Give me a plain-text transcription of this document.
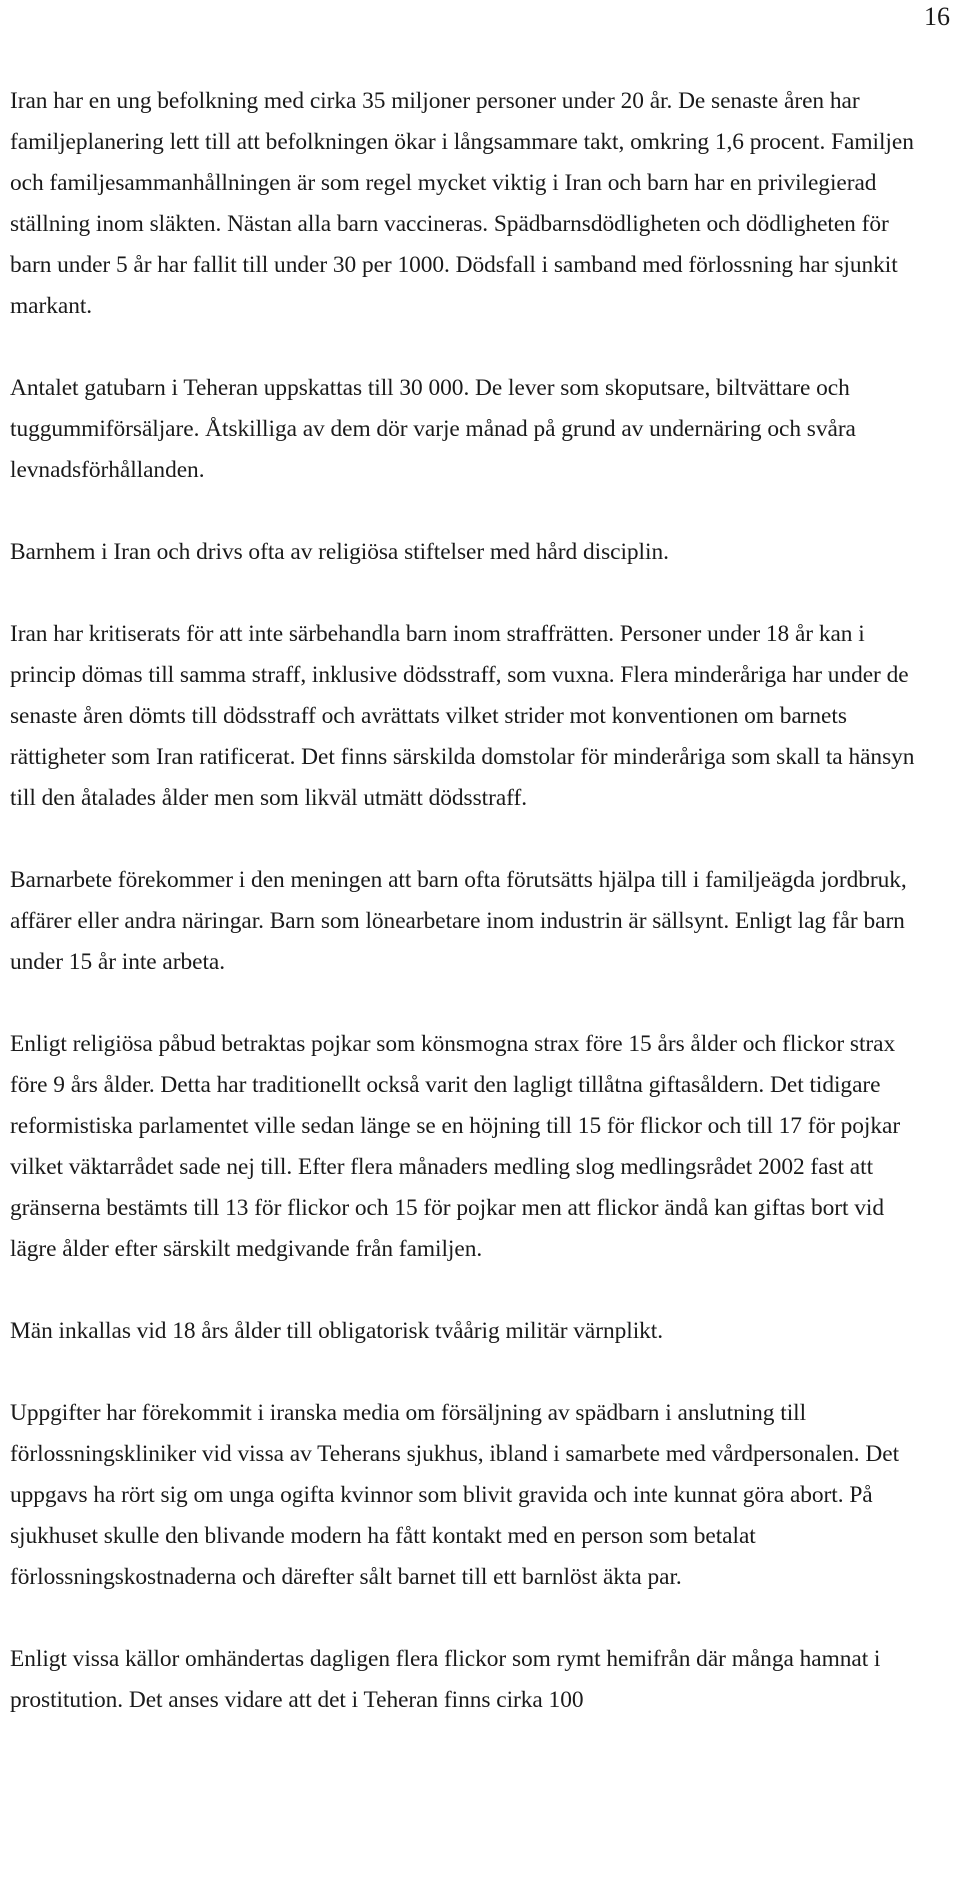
16

Iran har en ung befolkning med cirka 35 miljoner personer under 20 år. De senaste åren har familjeplanering lett till att befolkningen ökar i långsammare takt, omkring 1,6 procent. Familjen och familjesammanhållningen är som regel mycket viktig i Iran och barn har en privilegierad ställning inom släkten. Nästan alla barn vaccineras. Spädbarnsdödligheten och dödligheten för barn under 5 år har fallit till under 30 per 1000. Dödsfall i samband med förlossning har sjunkit markant.

Antalet gatubarn i Teheran uppskattas till 30 000. De lever som skoputsare, biltvättare och tuggummiförsäljare. Åtskilliga av dem dör varje månad på grund av undernäring och svåra levnadsförhållanden.

Barnhem i Iran och drivs ofta av religiösa stiftelser med hård disciplin.

Iran har kritiserats för att inte särbehandla barn inom straffrätten. Personer under 18 år kan i princip dömas till samma straff, inklusive dödsstraff, som vuxna. Flera minderåriga har under de senaste åren dömts till dödsstraff och avrättats vilket strider mot konventionen om barnets rättigheter som Iran ratificerat. Det finns särskilda domstolar för minderåriga som skall ta hänsyn till den åtalades ålder men som likväl utmätt dödsstraff.

Barnarbete förekommer i den meningen att barn ofta förutsätts hjälpa till i familjeägda jordbruk, affärer eller andra näringar. Barn som lönearbetare inom industrin är sällsynt. Enligt lag får barn under 15 år inte arbeta.

Enligt religiösa påbud betraktas pojkar som könsmogna strax före 15 års ålder och flickor strax före 9 års ålder. Detta har traditionellt också varit den lagligt tillåtna giftasåldern. Det tidigare reformistiska parlamentet ville sedan länge se en höjning till 15 för flickor och till 17 för pojkar vilket väktarrådet sade nej till. Efter flera månaders medling slog medlingsrådet 2002 fast att gränserna bestämts till 13 för flickor och 15 för pojkar men att flickor ändå kan giftas bort vid lägre ålder efter särskilt medgivande från familjen.

Män inkallas vid 18 års ålder till obligatorisk tvåårig militär värnplikt.

Uppgifter har förekommit i iranska media om försäljning av spädbarn i anslutning till förlossningskliniker vid vissa av Teherans sjukhus, ibland i samarbete med vårdpersonalen. Det uppgavs ha rört sig om unga ogifta kvinnor som blivit gravida och inte kunnat göra abort. På sjukhuset skulle den blivande modern ha fått kontakt med en person som betalat förlossningskostnaderna och därefter sålt barnet till ett barnlöst äkta par.

Enligt vissa källor omhändertas dagligen flera flickor som rymt hemifrån där många hamnat i prostitution. Det anses vidare att det i Teheran finns cirka 100
